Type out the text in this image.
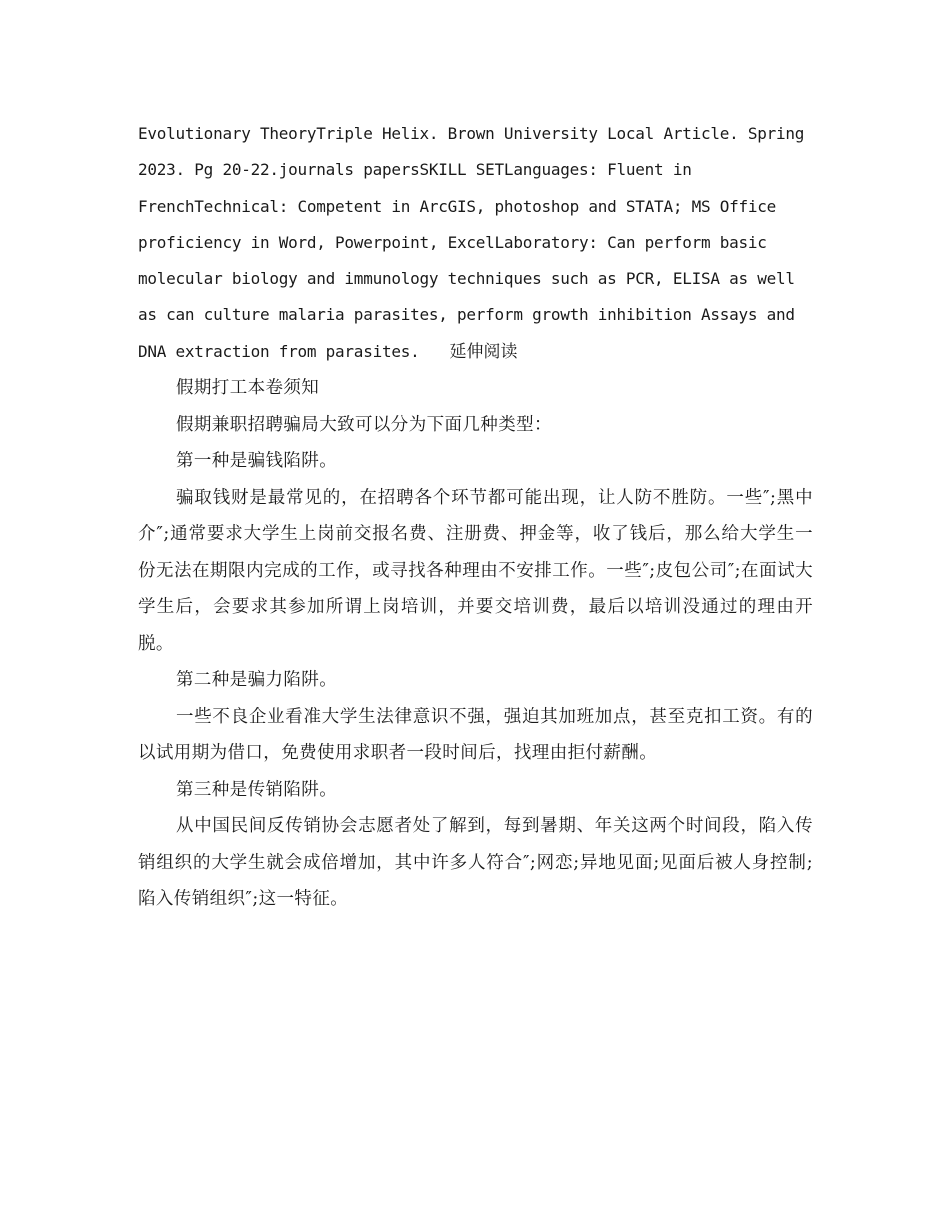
Evolutionary TheoryTriple Helix. Brown University Local Article. Spring 2023. Pg 20-22.journals papersSKILL SETLanguages: Fluent in FrenchTechnical: Competent in ArcGIS, photoshop and STATA; MS Office proficiency in Word, Powerpoint, ExcelLaboratory: Can perform basic molecular biology and immunology techniques such as PCR, ELISA as well as can culture malaria parasites, perform growth inhibition Assays and DNA extraction from parasites. 延伸阅读

假期打工本卷须知

假期兼职招聘骗局大致可以分为下面几种类型：

第一种是骗钱陷阱。

骗取钱财是最常见的，在招聘各个环节都可能出现，让人防不胜防。一些″;黑中介″;通常要求大学生上岗前交报名费、注册费、押金等，收了钱后，那么给大学生一份无法在期限内完成的工作，或寻找各种理由不安排工作。一些″;皮包公司″;在面试大学生后，会要求其参加所谓上岗培训，并要交培训费，最后以培训没通过的理由开脱。

第二种是骗力陷阱。

一些不良企业看准大学生法律意识不强，强迫其加班加点，甚至克扣工资。有的以试用期为借口，免费使用求职者一段时间后，找理由拒付薪酬。

第三种是传销陷阱。

从中国民间反传销协会志愿者处了解到，每到暑期、年关这两个时间段，陷入传销组织的大学生就会成倍增加，其中许多人符合″;网恋;异地见面;见面后被人身控制;陷入传销组织″;这一特征。
